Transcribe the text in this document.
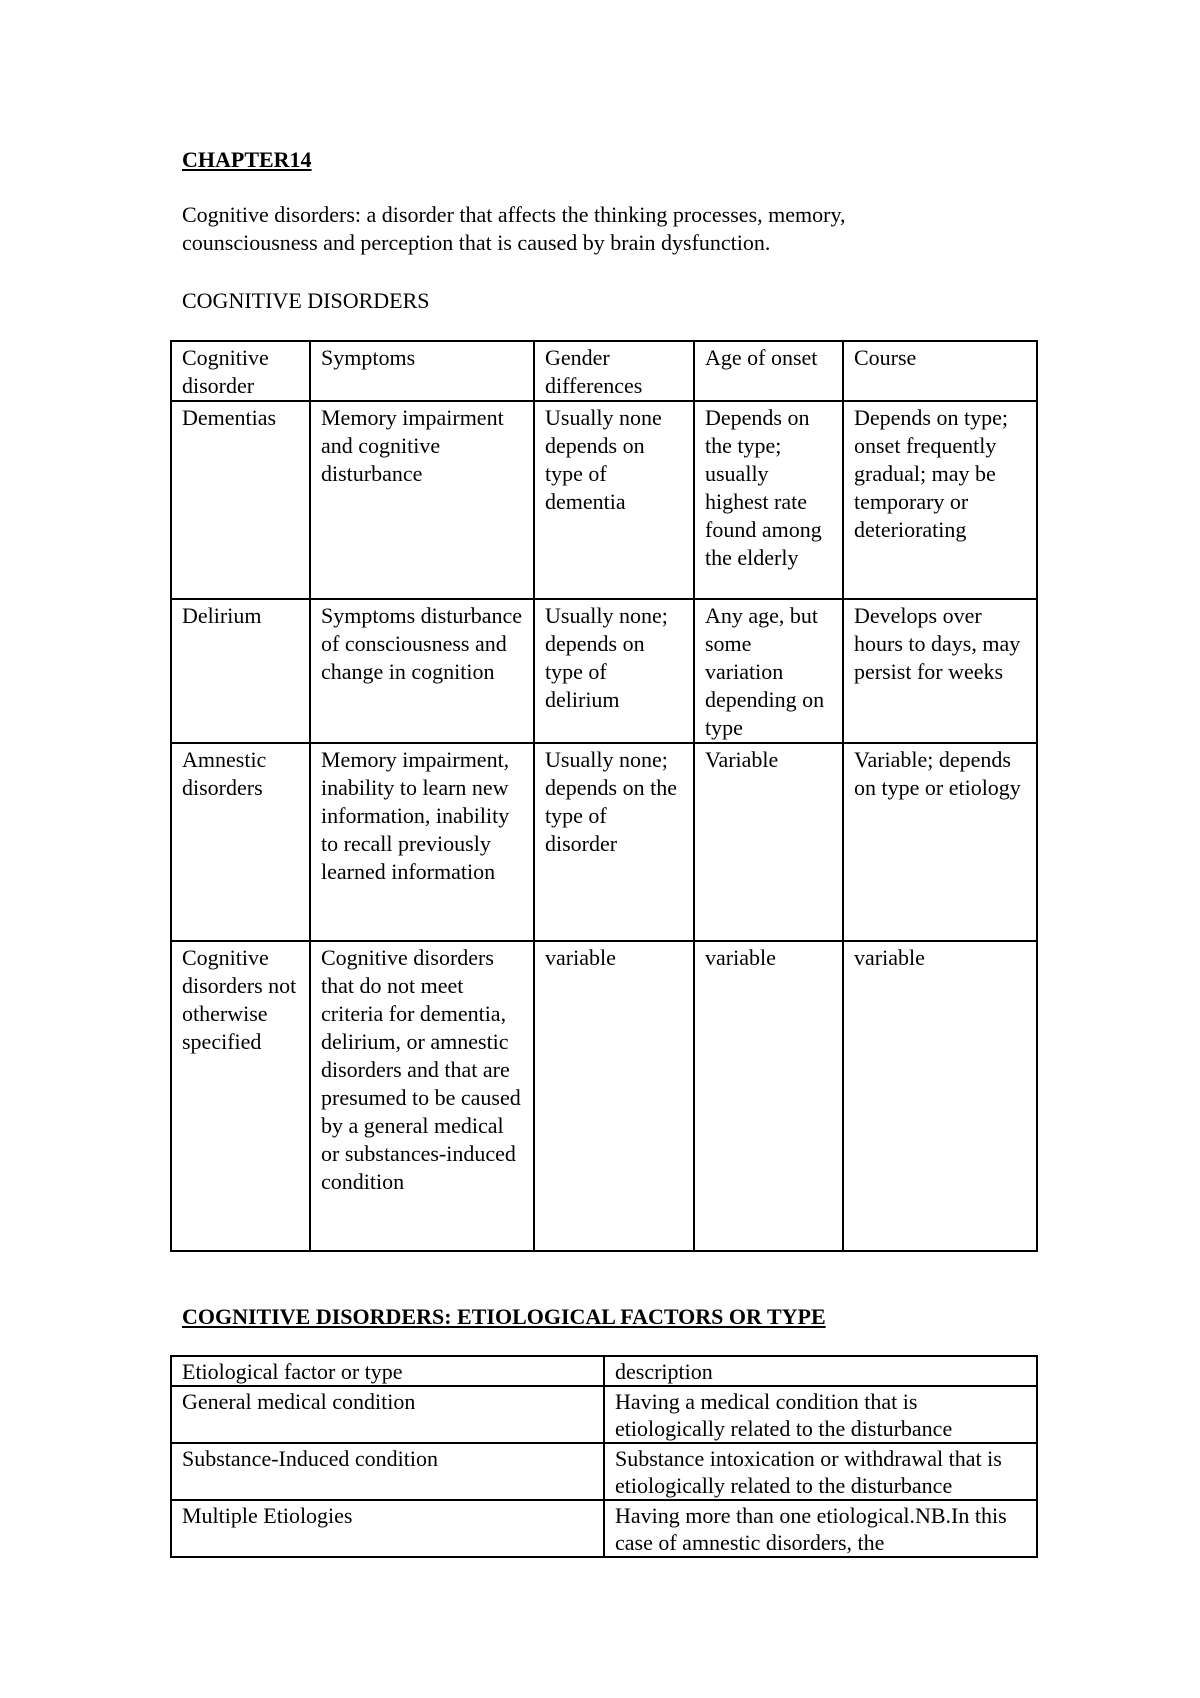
CHAPTER14
Cognitive disorders: a disorder that affects the thinking processes, memory, counsciousness and perception that is caused by brain dysfunction.
COGNITIVE DISORDERS
Cognitive disorder	Symptoms	Gender differences	Age of onset	Course
Dementias	Memory impairment and cognitive disturbance	Usually none depends on type of dementia	Depends on the type; usually highest rate found among the elderly	Depends on type; onset frequently gradual; may be temporary or deteriorating
Delirium	Symptoms disturbance of consciousness and change in cognition	Usually none; depends on type of delirium	Any age, but some variation depending on type	Develops over hours to days, may persist for weeks
Amnestic disorders	Memory impairment, inability to learn new information, inability to recall previously learned information	Usually none; depends on the type of disorder	Variable	Variable; depends on type or etiology
Cognitive disorders not otherwise specified	Cognitive disorders that do not meet criteria for dementia, delirium, or amnestic disorders and that are presumed to be caused by a general medical or substances-induced condition	variable	variable	variable
COGNITIVE DISORDERS: ETIOLOGICAL FACTORS OR TYPE
Etiological factor or type	description
General medical condition	Having a medical condition that is etiologically related to the disturbance
Substance-Induced condition	Substance intoxication or withdrawal that is etiologically related to the disturbance
Multiple Etiologies	Having more than one etiological.NB.In this case of amnestic disorders, the
